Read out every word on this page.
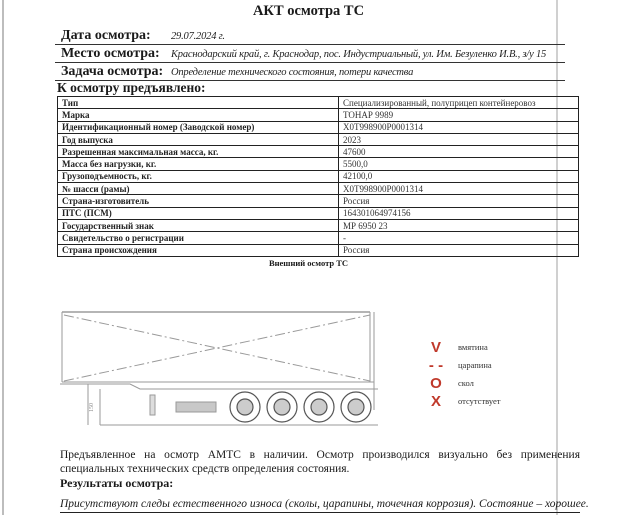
АКТ осмотра ТС
Дата осмотра:	29.07.2024 г.
Место осмотра:	Краснодарский край, г. Краснодар, пос. Индустриальный, ул. Им. Безуленко И.В., з/у 15
Задача осмотра: Определение технического состояния, потери качества
К осмотру предъявлено:
Тип	Специализированный, полуприцеп контейнеровоз
Марка	ТОНАР 9989
Идентификационный номер (Заводской номер)	X0T998900P0001314
Год выпуска	2023
Разрешенная максимальная масса, кг.	47600
Масса без нагрузки, кг.	5500,0
Грузоподъемность, кг.	42100,0
№ шасси (рамы)	X0T998900P0001314
Страна-изготовитель	Россия
ПТС (ПСМ)	164301064974156
Государственный знак	МР 6950 23
Свидетельство о регистрации	-
Страна происхождения	Россия
Внешний осмотр ТС
150
V	вмятина
- -	царапина
O	скол
X	отсутствует
Предъявленное на осмотр АМТС в наличии. Осмотр производился визуально без применения
специальных технических средств определения состояния.
Результаты осмотра:
Присутствуют следы естественного износа (сколы, царапины, точечная коррозия). Состояние – хорошее.
